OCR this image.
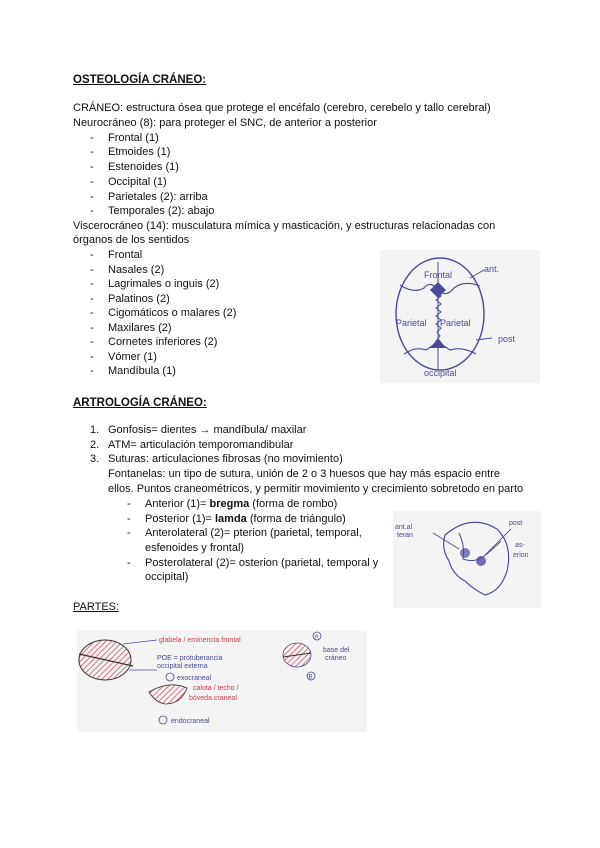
OSTEOLOGÍA CRÁNEO:
CRÁNEO: estructura ósea que protege el encéfalo (cerebro, cerebelo y tallo cerebral)
Neurocráneo (8): para proteger el SNC, de anterior a posterior
- Frontal (1)
- Etmoides (1)
- Estenoides (1)
- Occipital (1)
- Parietales (2): arriba
- Temporales (2): abajo
Viscerocráneo (14): musculatura mímica y masticación, y estructuras relacionadas con
órganos de los sentidos
- Frontal
- Nasales (2)
- Lagrimales o inguis (2)
- Palatinos (2)
- Cigomáticos o malares (2)
- Maxilares (2)
- Cornetes inferiores (2)
- Vómer (1)
- Mandíbula (1)
Frontal
ant.
Parietal Parietal
post
occipital
ARTROLOGÍA CRÁNEO:
1. Gonfosis= dientes → mandíbula/ maxilar
2. ATM= articulación temporomandibular
3. Suturas: articulaciones fibrosas (no movimiento)
Fontanelas: un tipo de sutura, unión de 2 o 3 huesos que hay más espacio entre
ellos. Puntos craneométricos, y permitir movimiento y crecimiento sobretodo en parto
- Anterior (1)= bregma (forma de rombo)
- Posterior (1)= lamda (forma de triángulo)
- Anterolateral (2)= pterion (parietal, temporal,
esfenoides y frontal)
- Posterolateral (2)= osterion (parietal, temporal y
occipital)
ant.al
teran
post
as-
erion
PARTES:
glabela / eminencia frontal
POE = protuberancia
occipital externa
exocraneal
calota / techo /
bóveda craneal
endocraneal
base del
cráneo
A
B
